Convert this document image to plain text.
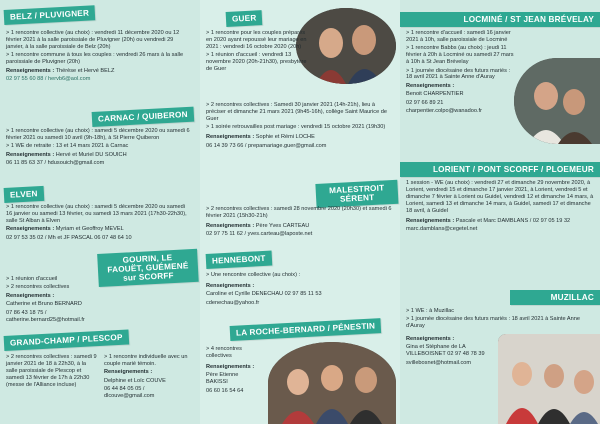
BELZ / PLUVIGNER

> 1 rencontre collective (au choix) : vendredi 11 décembre 2020 ou 12 février 2021 à la salle paroissiale de Pluvigner (20h) ou vendredi 29 janvier, à la salle paroissiale de Belz (20h)

> 1 rencontre commune à tous les couples : vendredi 26 mars à la salle paroissiale de Pluvigner (20h)

Renseignements : Thérèse et Hervé BELZ

02 97 55 60 88 / hervb6@aol.com

CARNAC / QUIBERON

> 1 rencontre collective (au choix) : samedi 5 décembre 2020 ou samedi 6 février 2021 ou samedi 10 avril (9h-18h), à St Pierre Quiberon

> 1 WE de retraite : 13 et 14 mars 2021 à Carnac

Renseignements : Hervé et Muriel DU SOUICH

06 11 85 63 37 / hdusouich@gmail.com

ELVEN

> 1 rencontre collective (au choix) : samedi 5 décembre 2020 ou samedi 16 janvier ou samedi 13 février, ou samedi 13 mars 2021 (17h30-22h30), salle St Alban à Elven

Renseignements : Myriam et Geoffroy MEVEL

02 97 53 35 02 / Mh et JF PASCAL 06 07 48 64 10

GOURIN, LE FAOUËT, GUÉMENÉ sur SCORFF

> 1 réunion d'accueil

> 2 rencontres collectives

Renseignements :

Catherine et Bruno BERNARD

07 86 43 18 75 / catherine.bernard25@hotmail.fr

GRAND-CHAMP / PLESCOP

> 2 rencontres collectives : samedi 9 janvier 2021 de 18 à 22h30, à la salle paroissiale de Plescop et samedi 13 février de 17h à 22h30 (messe de l'Alliance incluse)

> 1 rencontre individuelle avec un couple marié témoin.

Renseignements :

Delphine et Loïc COUVE

06 44 84 05 05 / dlcouve@gmail.com

GUER

> 1 rencontre pour les couples préparés en 2020 ayant repoussé leur mariage en 2021 : vendredi 16 octobre 2020 (20h)

> 1 réunion d'accueil : vendredi 13 novembre 2020 (20h-21h30), presbytère de Guer

> 2 rencontres collectives : Samedi 30 janvier 2021 (14h-21h), lieu à préciser et dimanche 21 mars 2021 (9h45-16h), collège Saint Maurice de Guer

> 1 soirée retrouvailles post mariage : vendredi 15 octobre 2021 (19h30)

Renseignements : Sophie et Rémi LOCHE

06 14 39 73 66 / prepamariage.guer@gmail.com

MALESTROIT SÉRENT

> 2 rencontres collectives : samedi 28 novembre 2020 (20h30) et samedi 6 février 2021 (15h30-21h)

Renseignements : Père Yves CARTEAU

02 97 75 11 62 / yves.carteau@laposte.net

HENNEBONT

> Une rencontre collective (au choix) :

Renseignements :

Caroline et Cyrille DENECHAU 02 97 85 11 53

cdenechau@yahoo.fr

LA ROCHE-BERNARD / PÉNESTIN

> 4 rencontres collectives

Renseignements :

Père Etienne BAKISSI

06 60 16 54 64

LOCMINÉ / ST JEAN BRÉVELAY

> 1 rencontre d'accueil : samedi 16 janvier 2021 à 10h, salle paroissiale de Locminé

> 1 rencontre Babbs (au choix) : jeudi 11 février à 20h à Locminé ou samedi 27 mars à 10h à St Jean Brévelay

> 1 journée diocésaine des futurs mariés : 18 avril 2021 à Sainte Anne d'Auray

Renseignements :

Benoit CHARPENTIER

02 97 66 89 21

charpentier.colpo@wanadoo.fr

LORIENT / PONT SCORFF / PLOEMEUR

1 session - WE (au choix) : vendredi 27 et dimanche 29 novembre 2020, à Lorient, vendredi 15 et dimanche 17 janvier 2021, à Lorient, vendredi 5 et dimanche 7 février à Lorient ou Guidel, vendredi 12 et dimanche 14 mars, à Lorient, samedi 13 et dimanche 14 mars, à Guidel, samedi 17 et dimanche 18 avril, à Guidel

Renseignements : Pascale et Marc DAMBLANS / 02 97 05 19 32

marc.damblans@cegetel.net

MUZILLAC

> 1 WE : à Muzillac

> 1 journée diocésaine des futurs mariés : 18 avril 2021 à Sainte Anne d'Auray

Renseignements :

Gina et Stéphane de LA VILLEBOISNET 02 97 48 78 39

svillebosnet@hotmail.com
